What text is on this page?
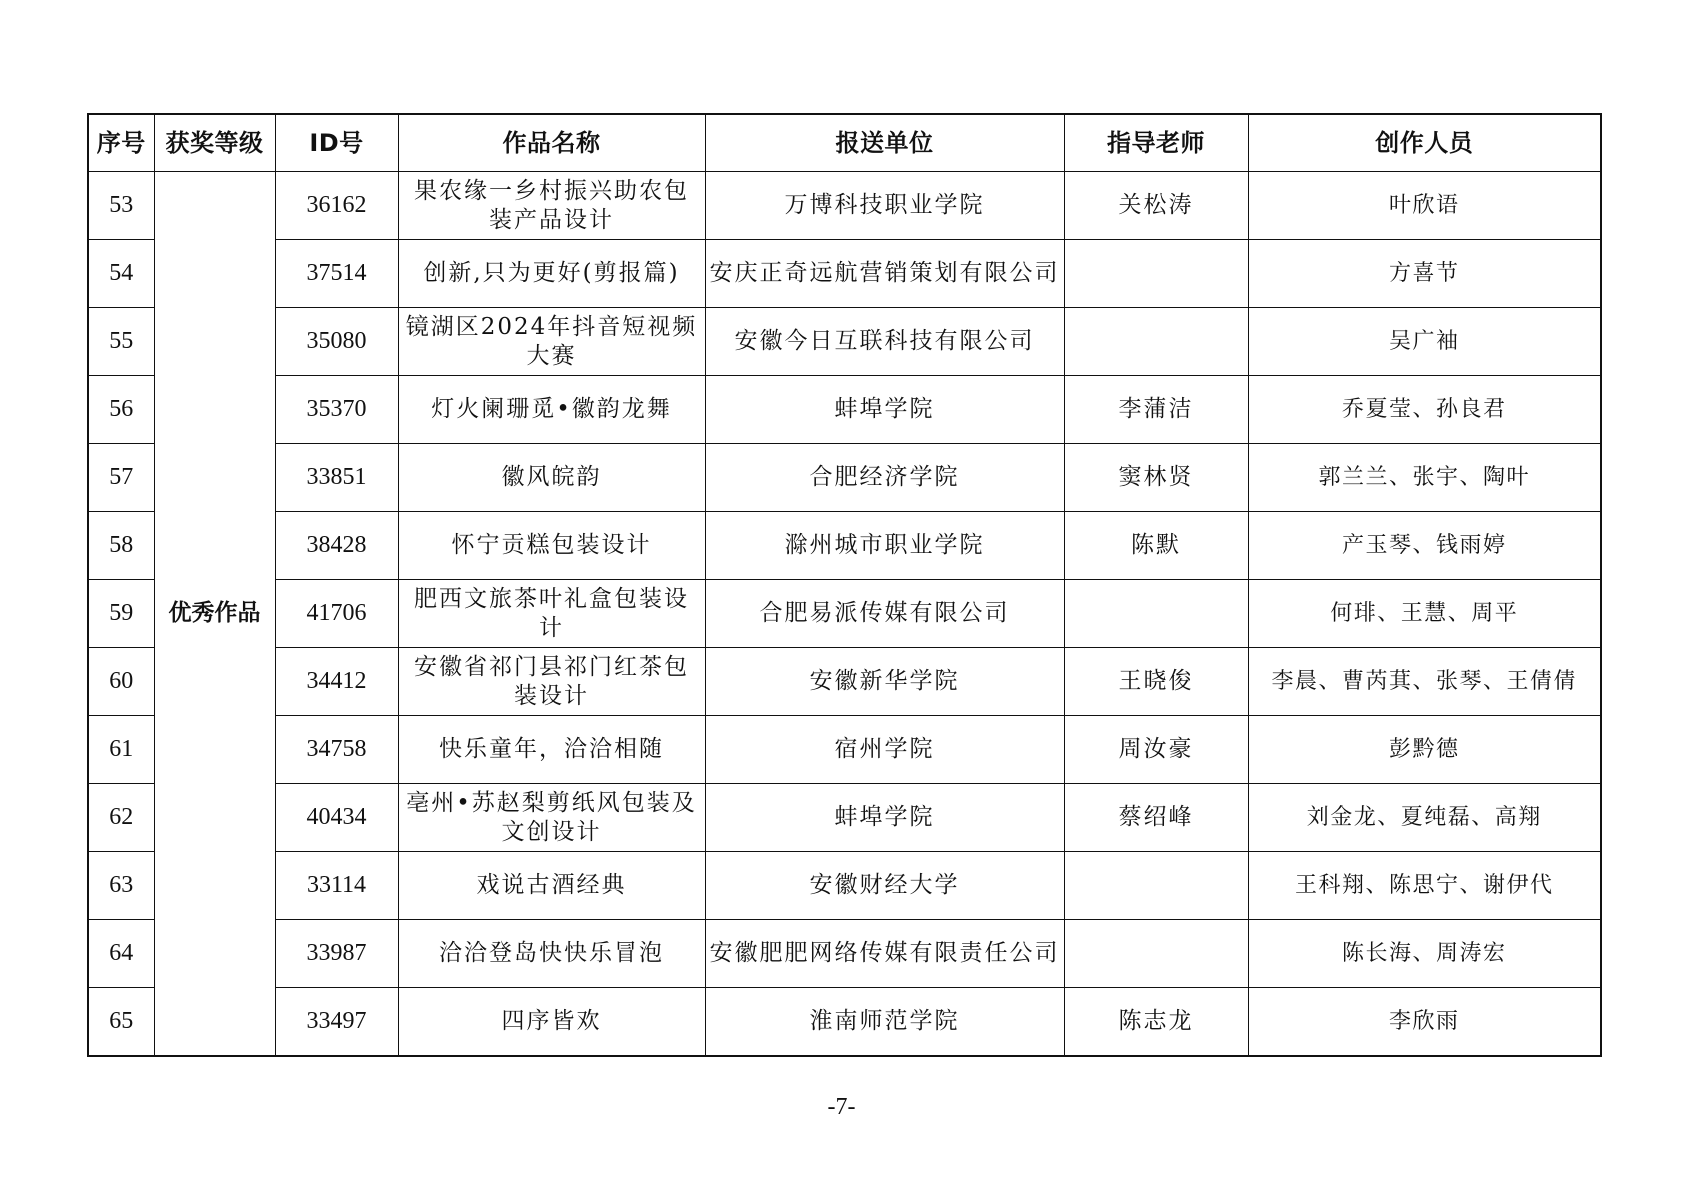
序号	获奖等级	ID号	作品名称	报送单位	指导老师	创作人员
53	优秀作品	36162	果农缘一乡村振兴助农包装产品设计	万博科技职业学院	关松涛	叶欣语
54		37514	创新,只为更好(剪报篇)	安庆正奇远航营销策划有限公司		方喜节
55		35080	镜湖区2024年抖音短视频大赛	安徽今日互联科技有限公司		吴广袖
56		35370	灯火阑珊觅•徽韵龙舞	蚌埠学院	李蒲洁	乔夏莹、孙良君
57		33851	徽风皖韵	合肥经济学院	窦林贤	郭兰兰、张宇、陶叶
58		38428	怀宁贡糕包装设计	滁州城市职业学院	陈默	产玉琴、钱雨婷
59		41706	肥西文旅茶叶礼盒包装设计	合肥易派传媒有限公司		何琲、王慧、周平
60		34412	安徽省祁门县祁门红茶包装设计	安徽新华学院	王晓俊	李晨、曹芮萁、张琴、王倩倩
61		34758	快乐童年，洽洽相随	宿州学院	周汝豪	彭黔德
62		40434	亳州•苏赵梨剪纸风包装及文创设计	蚌埠学院	蔡绍峰	刘金龙、夏纯磊、高翔
63		33114	戏说古酒经典	安徽财经大学		王科翔、陈思宁、谢伊代
64		33987	洽洽登岛快快乐冒泡	安徽肥肥网络传媒有限责任公司		陈长海、周涛宏
65		33497	四序皆欢	淮南师范学院	陈志龙	李欣雨
-7-
